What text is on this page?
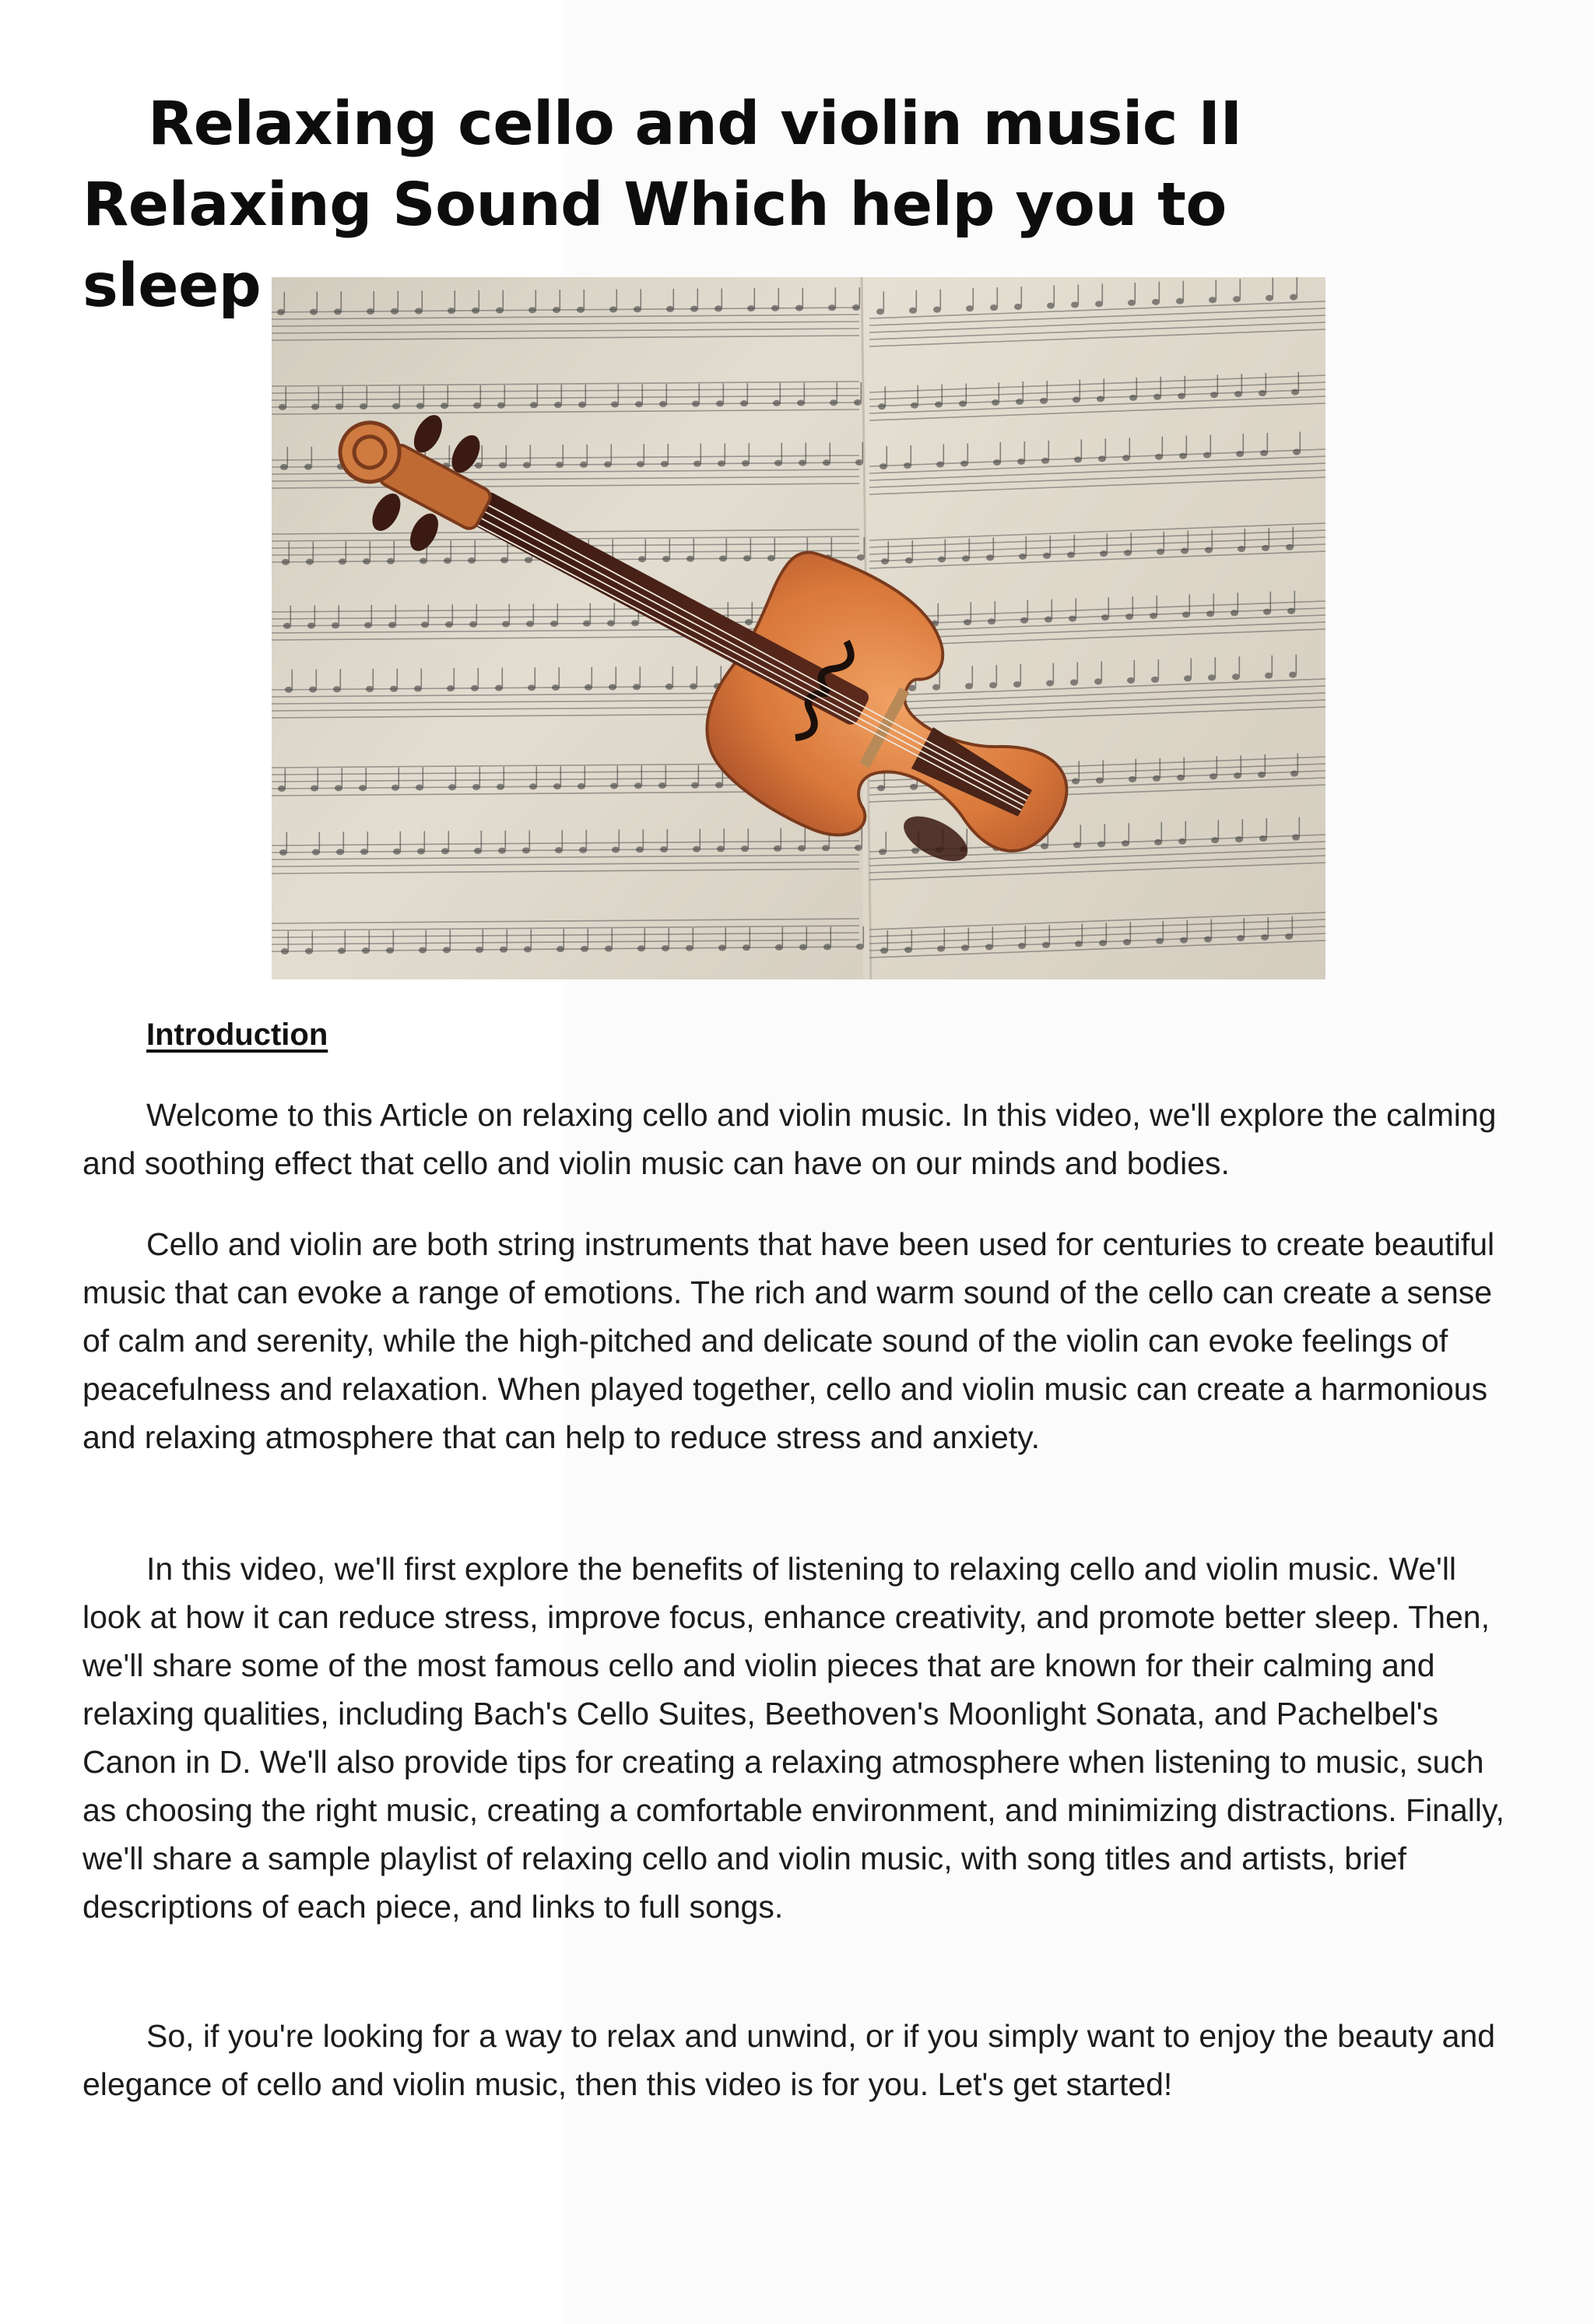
Relaxing cello and violin music II Relaxing Sound Which help you to sleep
Introduction

Welcome to this Article on relaxing cello and violin music. In this video, we'll explore the calming and soothing effect that cello and violin music can have on our minds and bodies.

Cello and violin are both string instruments that have been used for centuries to create beautiful music that can evoke a range of emotions. The rich and warm sound of the cello can create a sense of calm and serenity, while the high-pitched and delicate sound of the violin can evoke feelings of peacefulness and relaxation. When played together, cello and violin music can create a harmonious and relaxing atmosphere that can help to reduce stress and anxiety.

In this video, we'll first explore the benefits of listening to relaxing cello and violin music. We'll look at how it can reduce stress, improve focus, enhance creativity, and promote better sleep. Then, we'll share some of the most famous cello and violin pieces that are known for their calming and relaxing qualities, including Bach's Cello Suites, Beethoven's Moonlight Sonata, and Pachelbel's Canon in D. We'll also provide tips for creating a relaxing atmosphere when listening to music, such as choosing the right music, creating a comfortable environment, and minimizing distractions. Finally, we'll share a sample playlist of relaxing cello and violin music, with song titles and artists, brief descriptions of each piece, and links to full songs.

So, if you're looking for a way to relax and unwind, or if you simply want to enjoy the beauty and elegance of cello and violin music, then this video is for you. Let's get started!
